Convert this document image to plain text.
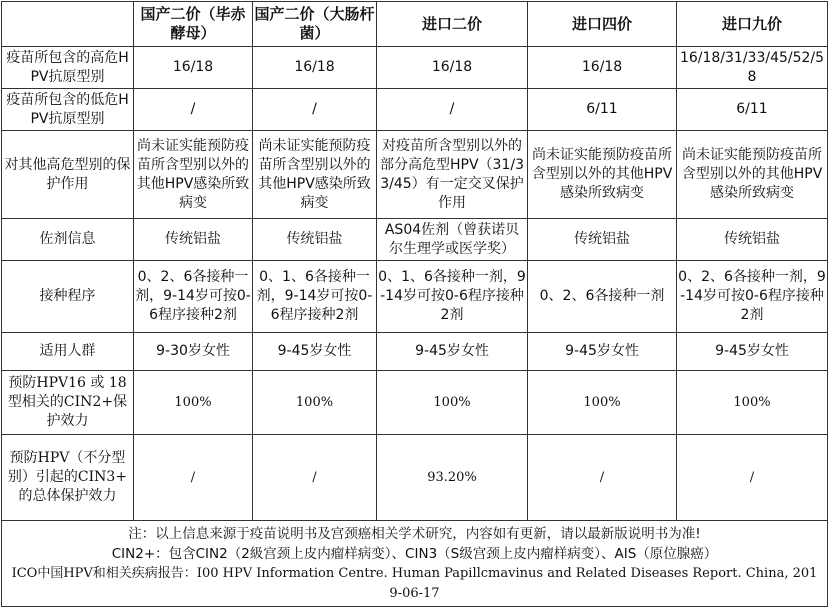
	国产二价（毕赤酵母）	国产二价（大肠杆菌）	进口二价	进口四价	进口九价
疫苗所包含的高危HPV抗原型别	16/18	16/18	16/18	16/18	16/18/31/33/45/52/58
疫苗所包含的低危HPV抗原型别	/	/	/	6/11	6/11
对其他高危型别的保护作用	尚未证实能预防疫苗所含型别以外的其他HPV感染所致病变	尚未证实能预防疫苗所含型别以外的其他HPV感染所致病变	对疫苗所含型别以外的部分高危型HPV（31/33/45）有一定交叉保护作用	尚未证实能预防疫苗所含型别以外的其他HPV感染所致病变	尚未证实能预防疫苗所含型别以外的其他HPV感染所致病变
佐剂信息	传统铝盐	传统铝盐	AS04佐剂（曾获诺贝尔生理学或医学奖）	传统铝盐	传统铝盐
接种程序	0、2、6各接种一剂，9-14岁可按0-6程序接种2剂	0、1、6各接种一剂，9-14岁可按0-6程序接种2剂	0、1、6各接种一剂，9-14岁可按0-6程序接种2剂	0、2、6各接种一剂	0、2、6各接种一剂，9-14岁可按0-6程序接种2剂
适用人群	9-30岁女性	9-45岁女性	9-45岁女性	9-45岁女性	9-45岁女性
预防HPV16 或 18型相关的CIN2+保护效力	100%	100%	100%	100%	100%
预防HPV（不分型别）引起的CIN3+ 的总体保护效力	/	/	93.20%	/	/

注：以上信息来源于疫苗说明书及宫颈癌相关学术研究，内容如有更新，请以最新版说明书为准!
CIN2+：包含CIN2（2級宫颈上皮内瘤样病变）、CIN3（S级宫颈上皮内瘤样病变）、AIS（原位腺癌）
ICO中国HPV和相关疾病报告：I00 HPV Information Centre. Human Papillcmavinus and Related Diseases Report. China, 2019-06-17					
